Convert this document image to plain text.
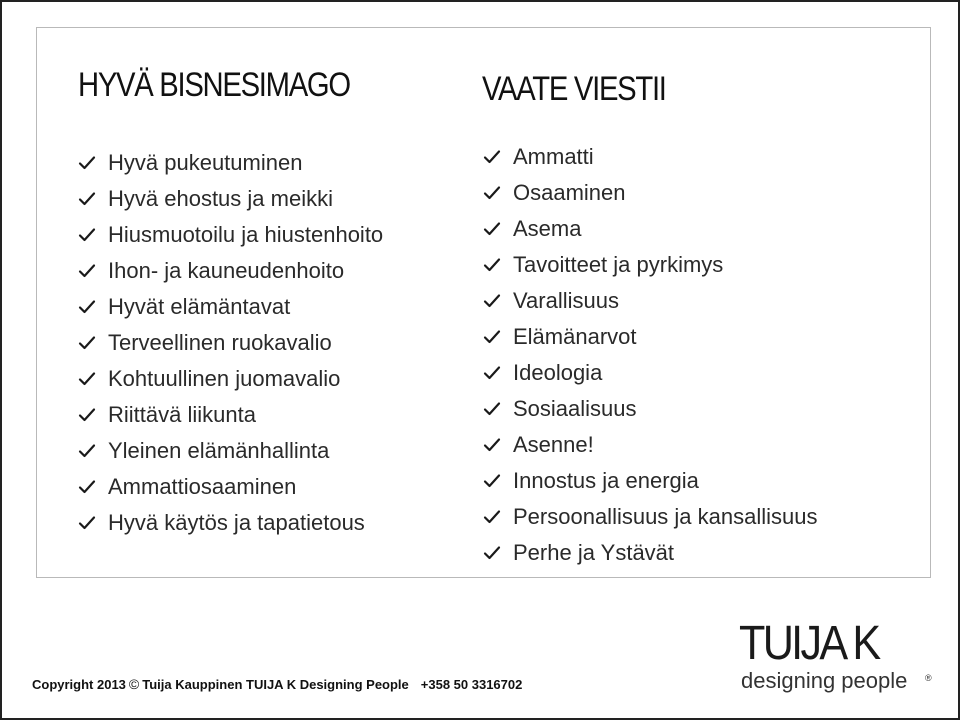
HYVÄ BISNESIMAGO
Hyvä pukeutuminen
Hyvä ehostus ja meikki
Hiusmuotoilu ja hiustenhoito
Ihon- ja kauneudenhoito
Hyvät elämäntavat
Terveellinen ruokavalio
Kohtuullinen juomavalio
Riittävä liikunta
Yleinen elämänhallinta
Ammattiosaaminen
Hyvä käytös ja tapatietous
VAATE VIESTII
Ammatti
Osaaminen
Asema
Tavoitteet ja pyrkimys
Varallisuus
Elämänarvot
Ideologia
Sosiaalisuus
Asenne!
Innostus ja energia
Persoonallisuus ja kansallisuus
Perhe ja Ystävät
Copyright 2013 © Tuija Kauppinen TUIJA K Designing People +358 50 3316702
TUIJA K
designing people ®
